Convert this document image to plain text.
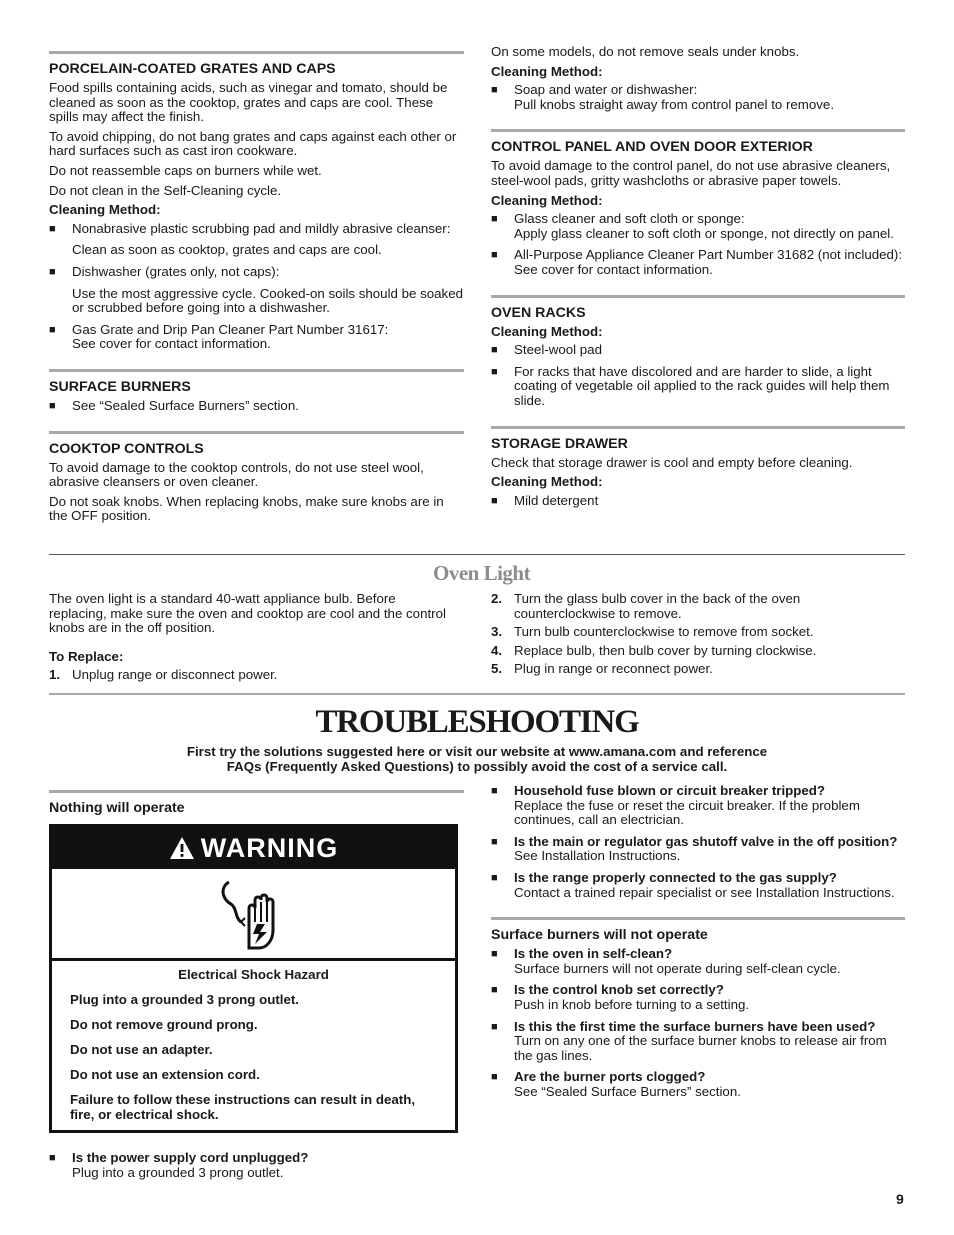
PORCELAIN-COATED GRATES AND CAPS

Food spills containing acids, such as vinegar and tomato, should be cleaned as soon as the cooktop, grates and caps are cool. These spills may affect the finish.

To avoid chipping, do not bang grates and caps against each other or hard surfaces such as cast iron cookware.

Do not reassemble caps on burners while wet.

Do not clean in the Self-Cleaning cycle.

Cleaning Method:

■ Nonabrasive plastic scrubbing pad and mildly abrasive cleanser:

Clean as soon as cooktop, grates and caps are cool.

■ Dishwasher (grates only, not caps):

Use the most aggressive cycle. Cooked-on soils should be soaked or scrubbed before going into a dishwasher.

■ Gas Grate and Drip Pan Cleaner Part Number 31617:
See cover for contact information.
SURFACE BURNERS

■ See “Sealed Surface Burners” section.

COOKTOP CONTROLS

To avoid damage to the cooktop controls, do not use steel wool, abrasive cleansers or oven cleaner.

Do not soak knobs. When replacing knobs, make sure knobs are in the OFF position.

On some models, do not remove seals under knobs.

Cleaning Method:

■ Soap and water or dishwasher:
Pull knobs straight away from control panel to remove.
CONTROL PANEL AND OVEN DOOR EXTERIOR

To avoid damage to the control panel, do not use abrasive cleaners, steel-wool pads, gritty washcloths or abrasive paper towels.

Cleaning Method:

■ Glass cleaner and soft cloth or sponge:
Apply glass cleaner to soft cloth or sponge, not directly on panel.
■ All-Purpose Appliance Cleaner Part Number 31682 (not included):
See cover for contact information.
OVEN RACKS

Cleaning Method:

■ Steel-wool pad

■ For racks that have discolored and are harder to slide, a light coating of vegetable oil applied to the rack guides will help them slide.

STORAGE DRAWER

Check that storage drawer is cool and empty before cleaning.

Cleaning Method:

■ Mild detergent

Oven Light

The oven light is a standard 40-watt appliance bulb. Before replacing, make sure the oven and cooktop are cool and the control knobs are in the off position.

To Replace:

1. Unplug range or disconnect power.
2. Turn the glass bulb cover in the back of the oven counterclockwise to remove.
3. Turn bulb counterclockwise to remove from socket.
4. Replace bulb, then bulb cover by turning clockwise.
5. Plug in range or reconnect power.
TROUBLESHOOTING
First try the solutions suggested here or visit our website at www.amana.com and reference
FAQs (Frequently Asked Questions) to possibly avoid the cost of a service call.
Nothing will operate
WARNING

Electrical Shock Hazard

Plug into a grounded 3 prong outlet.

Do not remove ground prong.

Do not use an adapter.

Do not use an extension cord.

Failure to follow these instructions can result in death, fire, or electrical shock.

■ Is the power supply cord unplugged?
Plug into a grounded 3 prong outlet.
■ Household fuse blown or circuit breaker tripped?
Replace the fuse or reset the circuit breaker. If the problem continues, call an electrician.
■ Is the main or regulator gas shutoff valve in the off position?
See Installation Instructions.
■ Is the range properly connected to the gas supply?
Contact a trained repair specialist or see Installation Instructions.
Surface burners will not operate
■ Is the oven in self-clean?
Surface burners will not operate during self-clean cycle.
■ Is the control knob set correctly?
Push in knob before turning to a setting.
■ Is this the first time the surface burners have been used?
Turn on any one of the surface burner knobs to release air from the gas lines.
■ Are the burner ports clogged?
See “Sealed Surface Burners” section.
9
